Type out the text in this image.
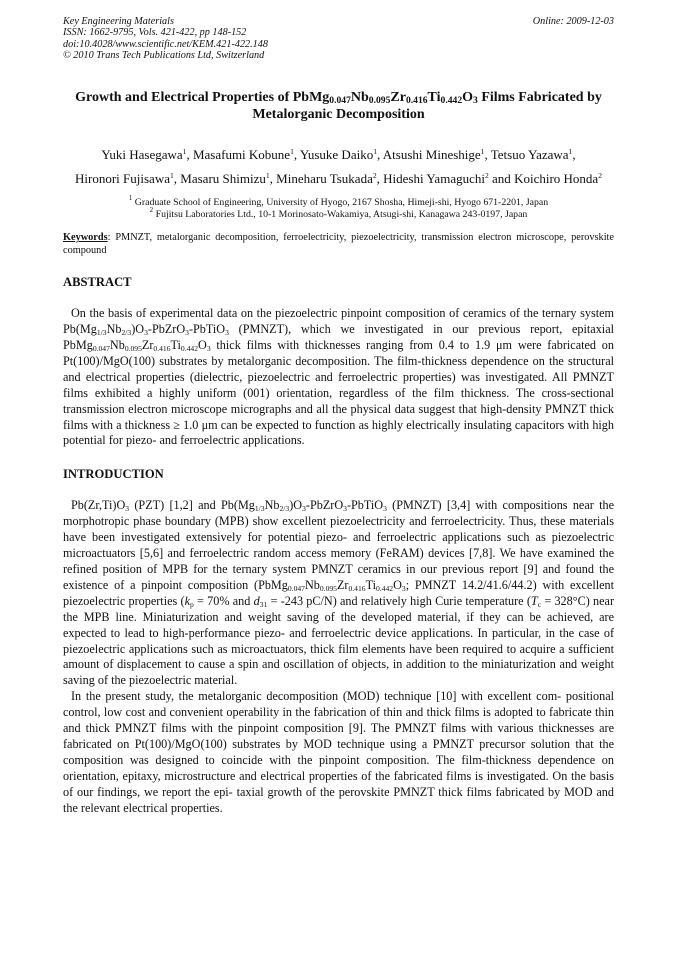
Key Engineering Materials
ISSN: 1662-9795, Vols. 421-422, pp 148-152
doi:10.4028/www.scientific.net/KEM.421-422.148
© 2010 Trans Tech Publications Ltd, Switzerland
Online: 2009-12-03
Growth and Electrical Properties of $PbMg_{0.047}Nb_{0.095}Zr_{0.416}Ti_{0.442}O_3$ Films Fabricated by Metalorganic Decomposition
Yuki Hasegawa$^1$, Masafumi Kobune$^1$, Yusuke Daiko$^1$, Atsushi Mineshige$^1$, Tetsuo Yazawa$^1$,
Hironori Fujisawa$^1$, Masaru Shimizu$^1$, Mineharu Tsukada$^2$, Hideshi Yamaguchi$^2$ and Koichiro Honda$^2$
$^1$ Graduate School of Engineering, University of Hyogo, 2167 Shosha, Himeji-shi, Hyogo 671-2201, Japan
$^2$ Fujitsu Laboratories Ltd., 10-1 Morinosato-Wakamiya, Atsugi-shi, Kanagawa 243-0197, Japan
Keywords: PMNZT, metalorganic decomposition, ferroelectricity, piezoelectricity, transmission electron microscope, perovskite compound
ABSTRACT
On the basis of experimental data on the piezoelectric pinpoint composition of ceramics of the ternary system $Pb(Mg_{1/3}Nb_{2/3})O_3-PbZrO_3-PbTiO_3$ (PMNZT), which we investigated in our previous report, epitaxial $PbMg_{0.047}Nb_{0.095}Zr_{0.416}Ti_{0.442}O_3$ thick films with thicknesses ranging from 0.4 to 1.9 μm were fabricated on Pt(100)/MgO(100) substrates by metalorganic decomposition. The film-thickness dependence on the structural and electrical properties (dielectric, piezoelectric and ferroelectric properties) was investigated. All PMNZT films exhibited a highly uniform (001) orientation, regardless of the film thickness. The cross-sectional transmission electron microscope micrographs and all the physical data suggest that high-density PMNZT thick films with a thickness ≥ 1.0 μm can be expected to function as highly electrically insulating capacitors with high potential for piezo- and ferroelectric applications.
INTRODUCTION
$Pb(Zr,Ti)O_3$ (PZT) [1,2] and $Pb(Mg_{1/3}Nb_{2/3})O_3-PbZrO_3-PbTiO_3$ (PMNZT) [3,4] with compositions near the morphotropic phase boundary (MPB) show excellent piezoelectricity and ferroelectricity. Thus, these materials have been investigated extensively for potential piezo- and ferroelectric applications such as piezoelectric microactuators [5,6] and ferroelectric random access memory (FeRAM) devices [7,8]. We have examined the refined position of MPB for the ternary system PMNZT ceramics in our previous report [9] and found the existence of a pinpoint composition ($PbMg_{0.047}Nb_{0.095}Zr_{0.416}Ti_{0.442}O_3$; PMNZT 14.2/41.6/44.2) with excellent piezoelectric properties ($k_p = 70\%$ and $d_{31} = -243$ pC/N) and relatively high Curie temperature $(T_c = 328^\circ C)$ near the MPB line. Miniaturization and weight saving of the developed material, if they can be achieved, are expected to lead to high-performance piezo- and ferroelectric device applications. In particular, in the case of piezoelectric applications such as microactuators, thick film elements have been required to acquire a sufficient amount of displacement to cause a spin and oscillation of objects, in addition to the miniaturization and weight saving of the piezoelectric material.
In the present study, the metalorganic decomposition (MOD) technique [10] with excellent com- positional control, low cost and convenient operability in the fabrication of thin and thick films is adopted to fabricate thin and thick PMNZT films with the pinpoint composition [9]. The PMNZT films with various thicknesses are fabricated on Pt(100)/MgO(100) substrates by MOD technique using a PMNZT precursor solution that the composition was designed to coincide with the pinpoint composition. The film-thickness dependence on orientation, epitaxy, microstructure and electrical properties of the fabricated films is investigated. On the basis of our findings, we report the epi- taxial growth of the perovskite PMNZT thick films fabricated by MOD and the relevant electrical properties.
